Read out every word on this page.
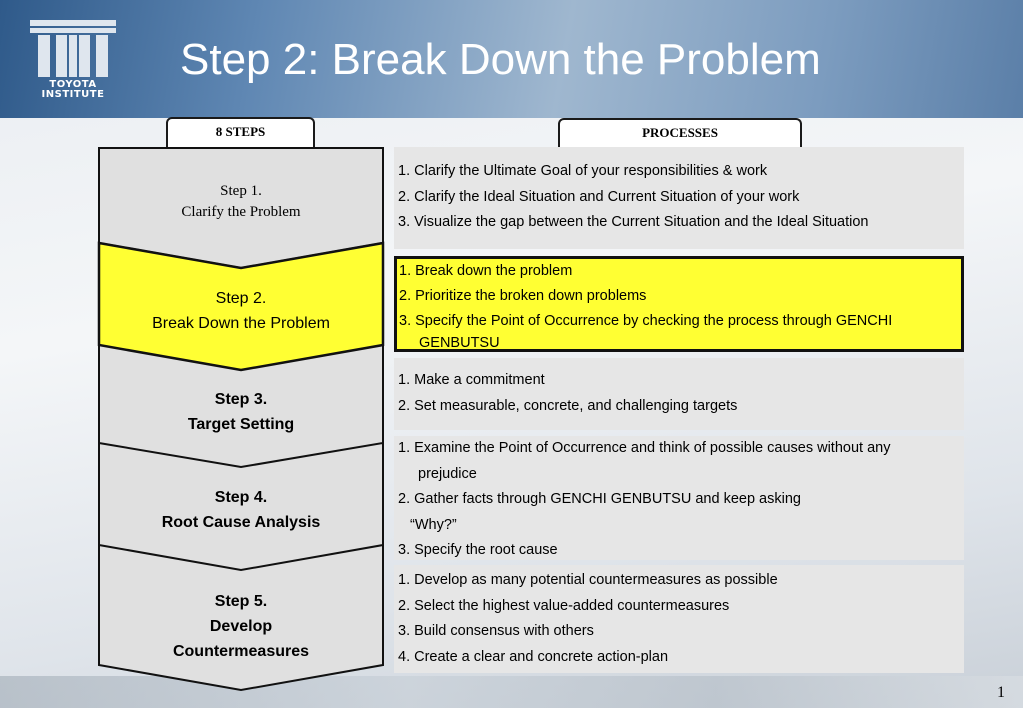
TOYOTA
INSTITUTE
Step 2: Break Down the Problem
8 STEPS	PROCESSES
Step 1.
Clarify the Problem
Step 2.
Break Down the Problem
Step 3.
Target Setting
Step 4.
Root Cause Analysis
Step 5.
Develop
Countermeasures
1. Clarify the Ultimate Goal of your responsibilities & work
2. Clarify the Ideal Situation and Current Situation of your work
3. Visualize the gap between the Current Situation and the Ideal Situation
1. Break down the problem
2. Prioritize the broken down problems
3. Specify the Point of Occurrence by checking the process through GENCHI
GENBUTSU
1. Make a commitment
2. Set measurable, concrete, and challenging targets
1. Examine the Point of Occurrence and think of possible causes without any
prejudice
2. Gather facts through GENCHI GENBUTSU and keep asking
“Why?”
3. Specify the root cause
1. Develop as many potential countermeasures as possible
2. Select the highest value-added countermeasures
3. Build consensus with others
4. Create a clear and concrete action-plan
1
